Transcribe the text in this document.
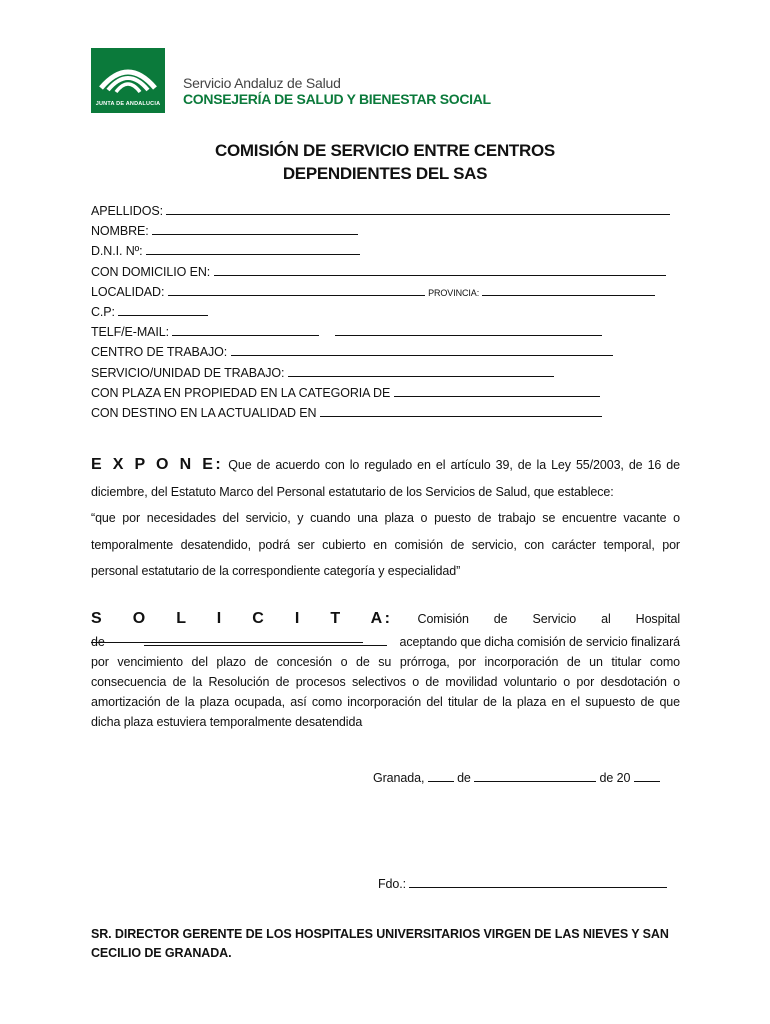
JUNTA DE ANDALUCIA
Servicio Andaluz de Salud
CONSEJERÍA DE SALUD Y BIENESTAR SOCIAL
COMISIÓN DE SERVICIO ENTRE CENTROS
DEPENDIENTES DEL SAS
APELLIDOS:
NOMBRE:
D.N.I. Nº:
CON DOMICILIO EN:
LOCALIDAD:	PROVINCIA:
C.P:
TELF/E-MAIL:
CENTRO DE TRABAJO:
SERVICIO/UNIDAD DE TRABAJO:
CON PLAZA EN PROPIEDAD EN LA CATEGORIA DE
CON DESTINO EN LA ACTUALIDAD EN
E X P O N E: Que de acuerdo con lo regulado en el artículo 39, de la Ley 55/2003, de 16 de diciembre, del Estatuto Marco del Personal estatutario de los Servicios de Salud, que establece:
“que por necesidades del servicio, y cuando una plaza o puesto de trabajo se encuentre vacante o temporalmente desatendido, podrá ser cubierto en comisión de servicio, con carácter temporal, por personal estatutario de la correspondiente categoría y especialidad”
S O L I C I T A: Comisión de Servicio al Hospital
de	aceptando que dicha comisión de servicio finalizará
por vencimiento del plazo de concesión o de su prórroga, por incorporación de un titular como consecuencia de la Resolución de procesos selectivos o de movilidad voluntario o por desdotación o amortización de la plaza ocupada, así como incorporación del titular de la plaza en el supuesto de que dicha plaza estuviera temporalmente desatendida
Granada,	de	de 20
Fdo.:
SR. DIRECTOR GERENTE DE LOS HOSPITALES UNIVERSITARIOS VIRGEN DE LAS NIEVES Y SAN CECILIO DE GRANADA.
